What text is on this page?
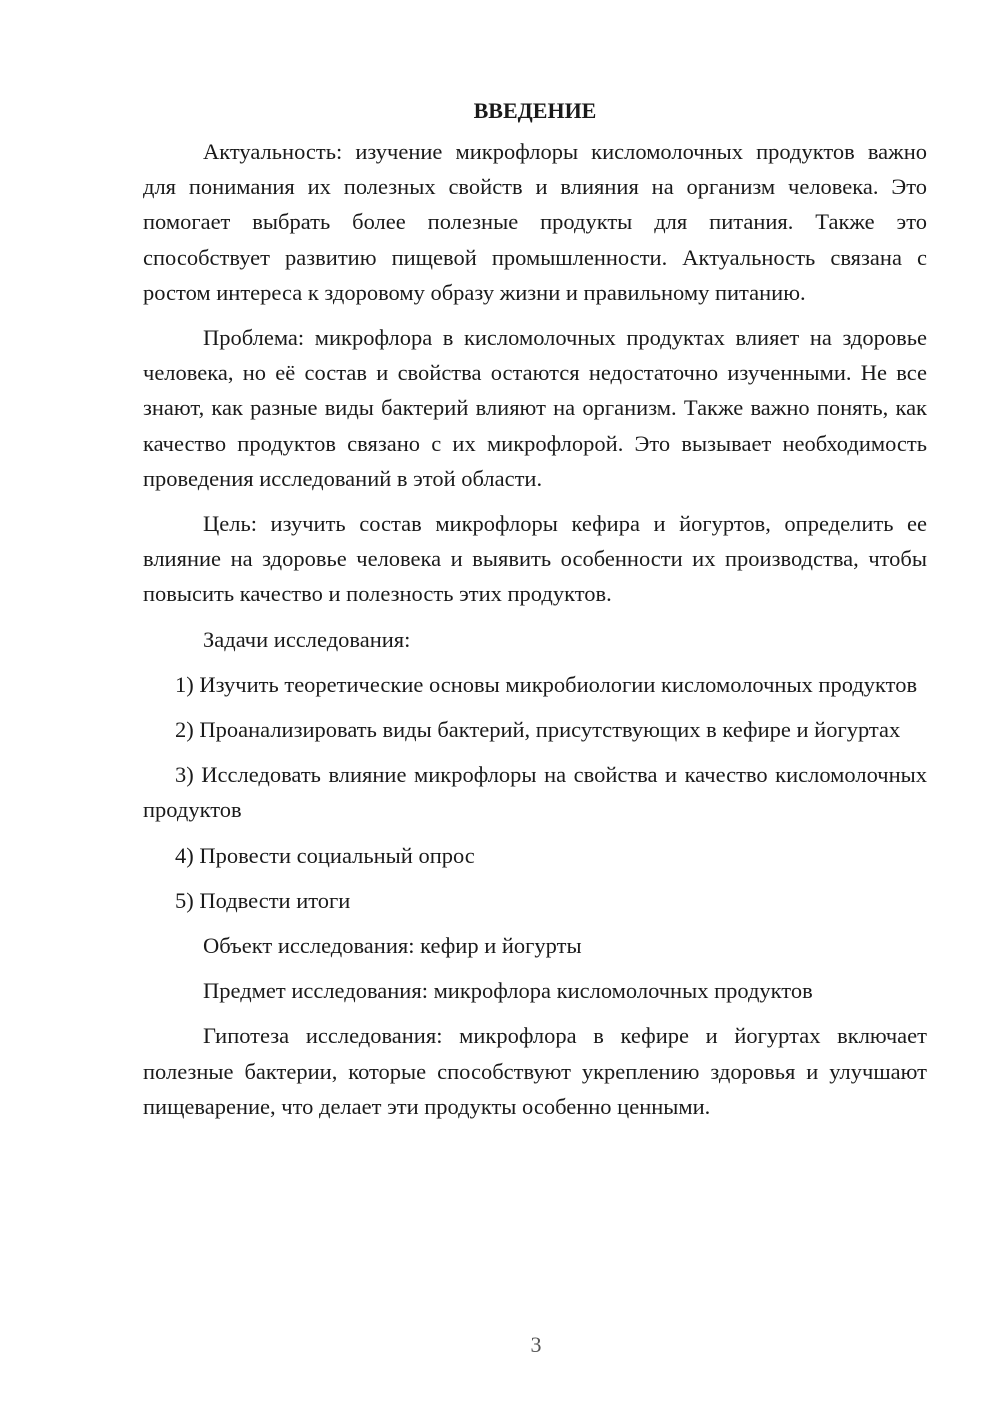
ВВЕДЕНИЕ

Актуальность: изучение микрофлоры кисломолочных продуктов важно для понимания их полезных свойств и влияния на организм человека. Это помогает выбрать более полезные продукты для питания. Также это способствует развитию пищевой промышленности. Актуальность связана с ростом интереса к здоровому образу жизни и правильному питанию.

Проблема: микрофлора в кисломолочных продуктах влияет на здоровье человека, но её состав и свойства остаются недостаточно изученными. Не все знают, как разные виды бактерий влияют на организм. Также важно понять, как качество продуктов связано с их микрофлорой. Это вызывает необходимость проведения исследований в этой области.

Цель: изучить состав микрофлоры кефира и йогуртов, определить ее влияние на здоровье человека и выявить особенности их производства, чтобы повысить качество и полезность этих продуктов.

Задачи исследования:

1) Изучить теоретические основы микробиологии кисломолочных продуктов

2) Проанализировать виды бактерий, присутствующих в кефире и йогуртах

3) Исследовать влияние микрофлоры на свойства и качество кисломолочных продуктов

4) Провести социальный опрос

5) Подвести итоги

Объект исследования: кефир и йогурты

Предмет исследования: микрофлора кисломолочных продуктов

Гипотеза исследования: микрофлора в кефире и йогуртах включает полезные бактерии, которые способствуют укреплению здоровья и улучшают пищеварение, что делает эти продукты особенно ценными.

3
